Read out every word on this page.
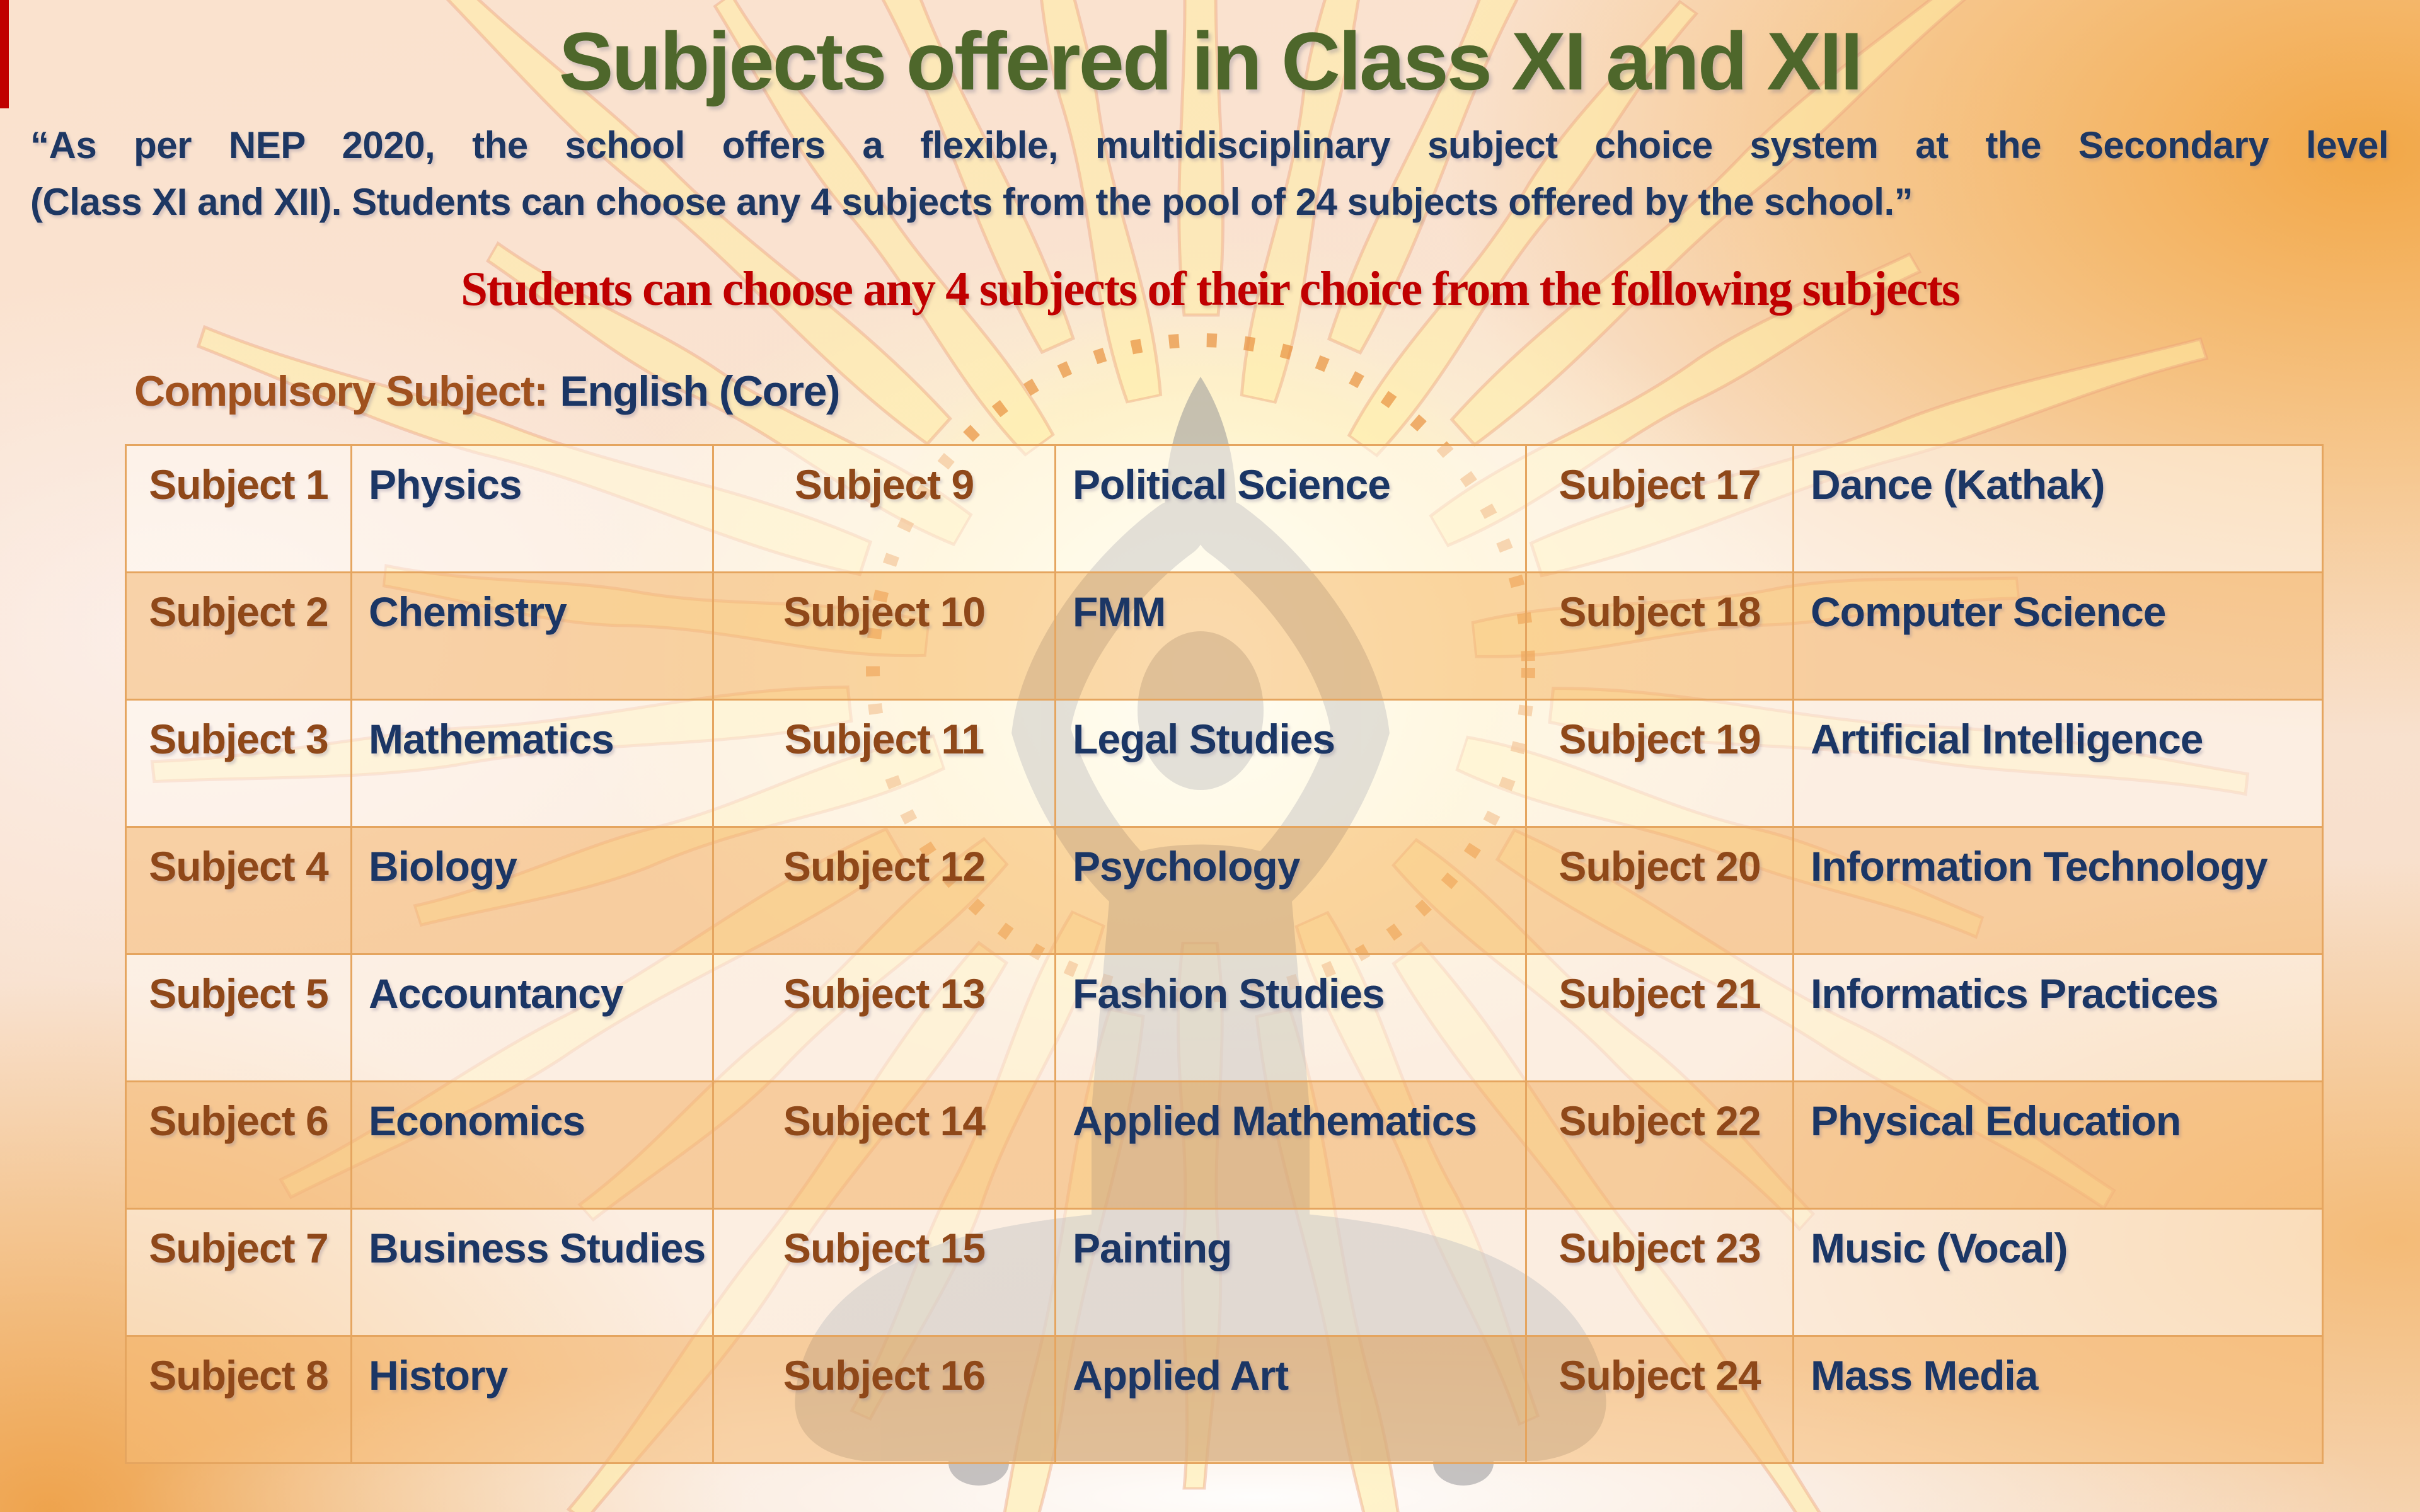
Subjects offered in Class XI and XII

“As per NEP 2020, the school offers a flexible, multidisciplinary subject choice system at the Secondary level
(Class XI and XII). Students can choose any 4 subjects from the pool of 24 subjects offered by the school.”

Students can choose any 4 subjects of their choice from the following subjects
Compulsory Subject: English (Core)
Subject 1	Physics	Subject 9	Political Science	Subject 17	Dance (Kathak)
Subject 2	Chemistry	Subject 10	FMM	Subject 18	Computer Science
Subject 3	Mathematics	Subject 11	Legal Studies	Subject 19	Artificial Intelligence
Subject 4	Biology	Subject 12	Psychology	Subject 20	Information Technology
Subject 5	Accountancy	Subject 13	Fashion Studies	Subject 21	Informatics Practices
Subject 6	Economics	Subject 14	Applied Mathematics	Subject 22	Physical Education
Subject 7	Business Studies	Subject 15	Painting	Subject 23	Music (Vocal)
Subject 8	History	Subject 16	Applied Art	Subject 24	Mass Media
